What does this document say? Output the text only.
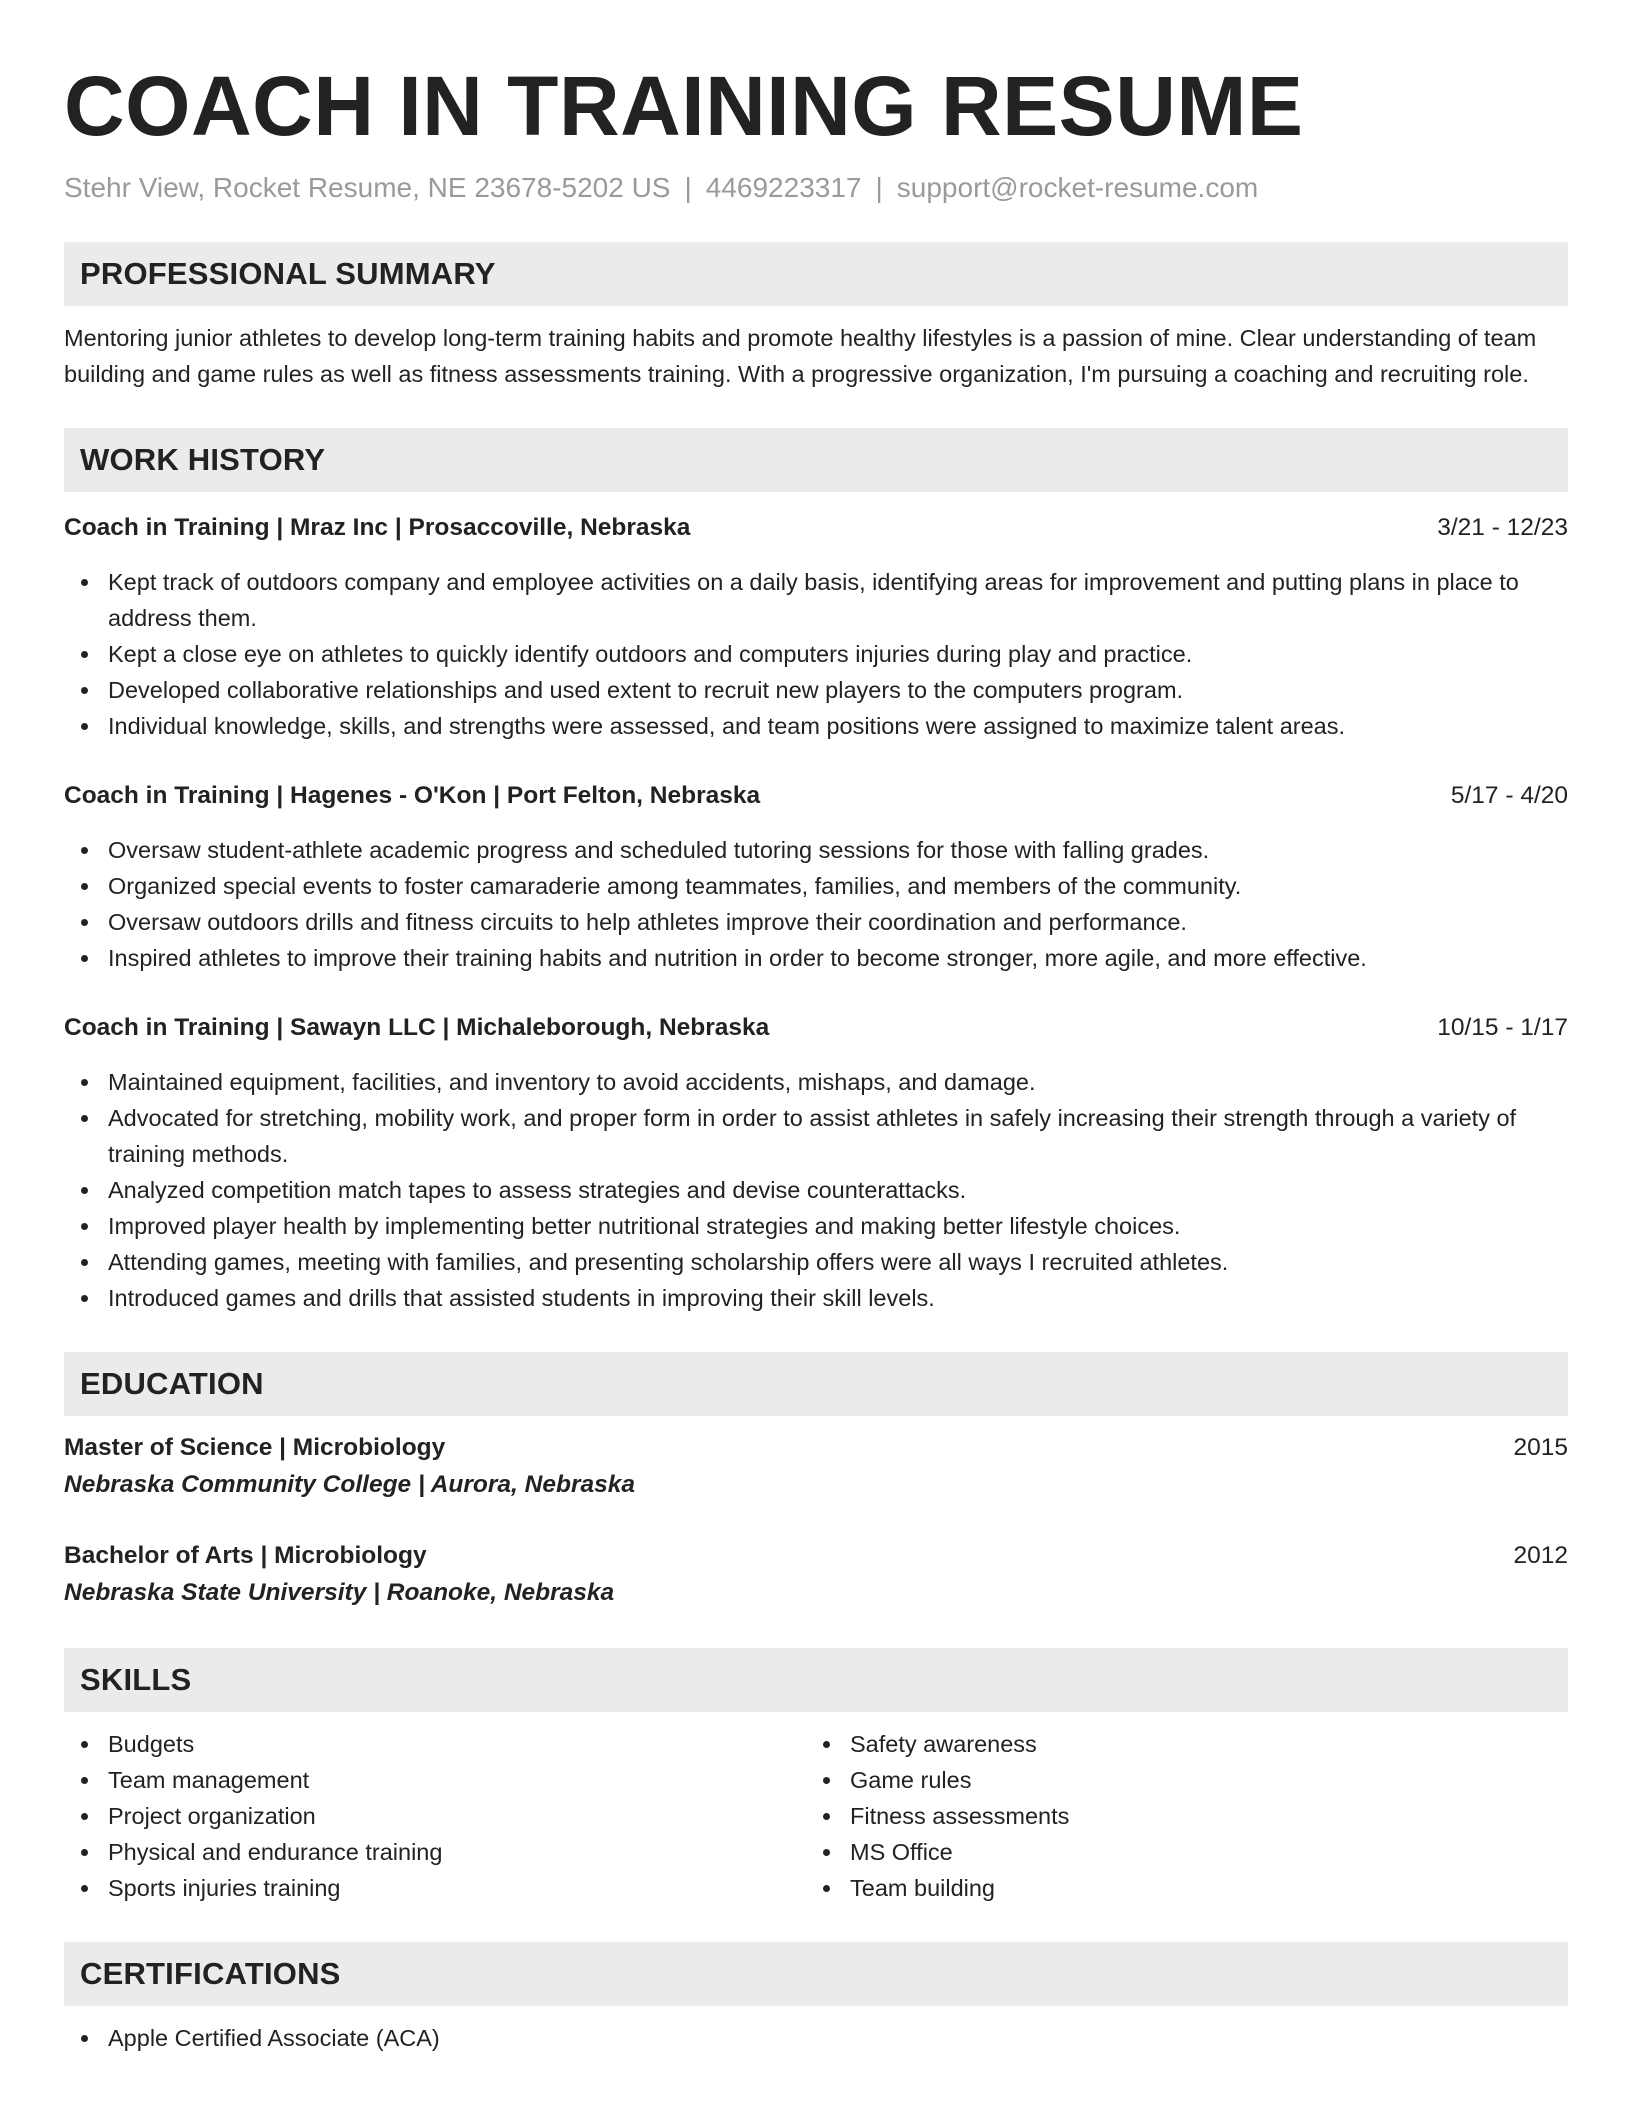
COACH IN TRAINING RESUME
Stehr View, Rocket Resume, NE 23678-5202 US | 4469223317 | support@rocket-resume.com
PROFESSIONAL SUMMARY
Mentoring junior athletes to develop long-term training habits and promote healthy lifestyles is a passion of mine. Clear understanding of team building and game rules as well as fitness assessments training. With a progressive organization, I'm pursuing a coaching and recruiting role.
WORK HISTORY
Coach in Training | Mraz Inc | Prosaccoville, Nebraska	3/21 - 12/23
Kept track of outdoors company and employee activities on a daily basis, identifying areas for improvement and putting plans in place to address them.
Kept a close eye on athletes to quickly identify outdoors and computers injuries during play and practice.
Developed collaborative relationships and used extent to recruit new players to the computers program.
Individual knowledge, skills, and strengths were assessed, and team positions were assigned to maximize talent areas.
Coach in Training | Hagenes - O'Kon | Port Felton, Nebraska	5/17 - 4/20
Oversaw student-athlete academic progress and scheduled tutoring sessions for those with falling grades.
Organized special events to foster camaraderie among teammates, families, and members of the community.
Oversaw outdoors drills and fitness circuits to help athletes improve their coordination and performance.
Inspired athletes to improve their training habits and nutrition in order to become stronger, more agile, and more effective.
Coach in Training | Sawayn LLC | Michaleborough, Nebraska	10/15 - 1/17
Maintained equipment, facilities, and inventory to avoid accidents, mishaps, and damage.
Advocated for stretching, mobility work, and proper form in order to assist athletes in safely increasing their strength through a variety of training methods.
Analyzed competition match tapes to assess strategies and devise counterattacks.
Improved player health by implementing better nutritional strategies and making better lifestyle choices.
Attending games, meeting with families, and presenting scholarship offers were all ways I recruited athletes.
Introduced games and drills that assisted students in improving their skill levels.
EDUCATION
Master of Science | Microbiology	2015
Nebraska Community College | Aurora, Nebraska
Bachelor of Arts | Microbiology	2012
Nebraska State University | Roanoke, Nebraska
SKILLS
Budgets
Team management
Project organization
Physical and endurance training
Sports injuries training
Safety awareness
Game rules
Fitness assessments
MS Office
Team building
CERTIFICATIONS
Apple Certified Associate (ACA)
